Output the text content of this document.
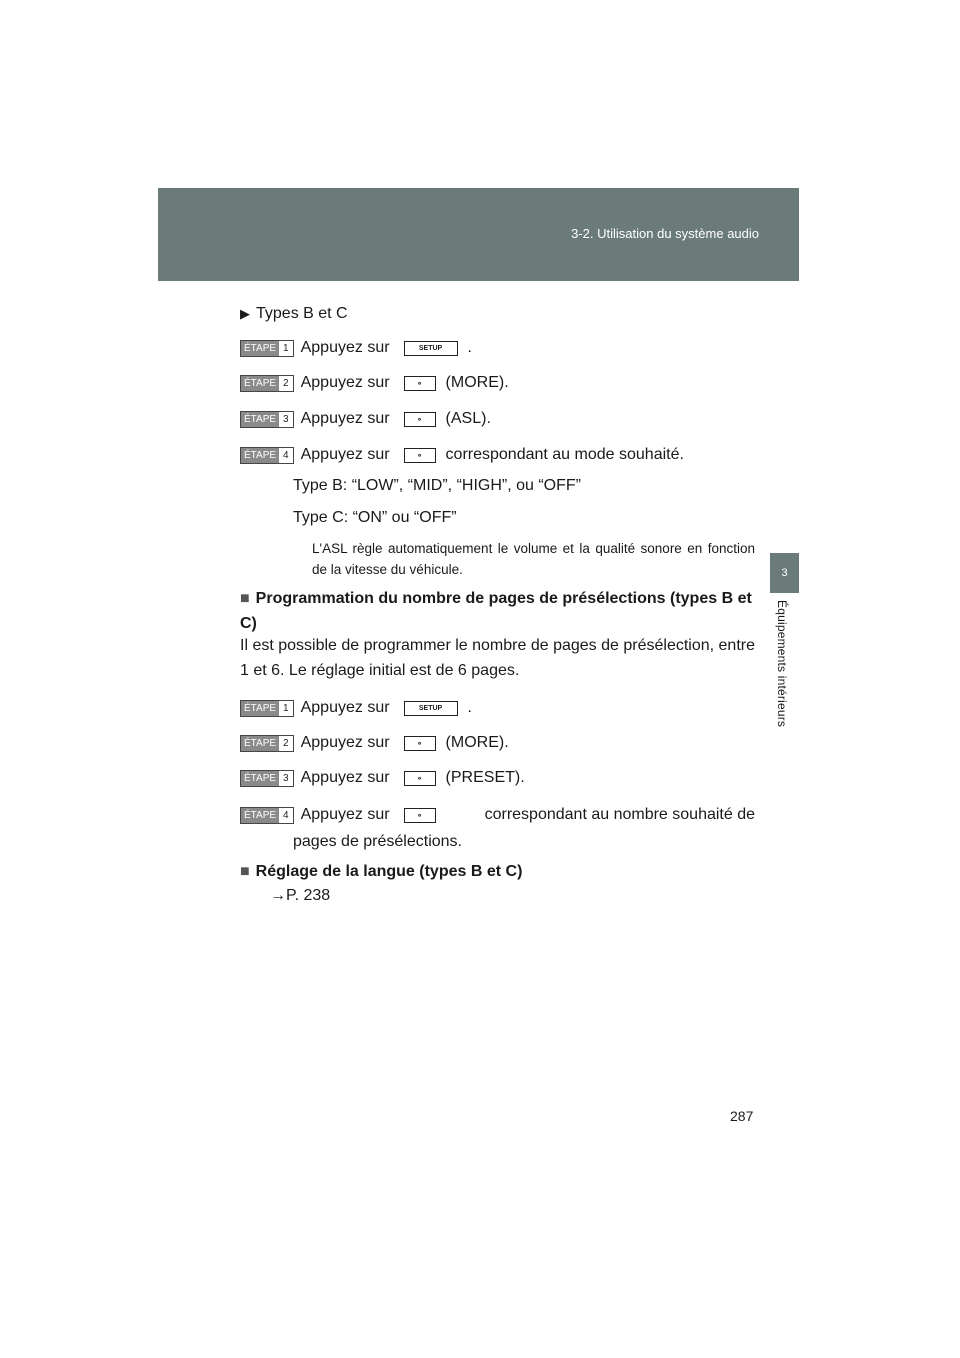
3-2. Utilisation du système audio
3
Équipements intérieurs
▶ Types B et C
ÉTAPE 1 Appuyez sur	SETUP	.
ÉTAPE 2 Appuyez sur	∘	(MORE).
ÉTAPE 3 Appuyez sur	∘	(ASL).
ÉTAPE 4 Appuyez sur	∘	correspondant au mode souhaité.
Type B: “LOW”, “MID”, “HIGH”, ou “OFF”
Type C: “ON” ou “OFF”
L'ASL règle automatiquement le volume et la qualité sonore en fonction de la vitesse du véhicule.
■ Programmation du nombre de pages de présélections (types B et C)
Il est possible de programmer le nombre de pages de présélection, entre 1 et 6. Le réglage initial est de 6 pages.
ÉTAPE 1 Appuyez sur	SETUP	.
ÉTAPE 2 Appuyez sur	∘	(MORE).
ÉTAPE 3 Appuyez sur	∘	(PRESET).
ÉTAPE 4 Appuyez sur	∘	correspondant au nombre souhaité de
pages de présélections.
■ Réglage de la langue (types B et C)
→P. 238
287
